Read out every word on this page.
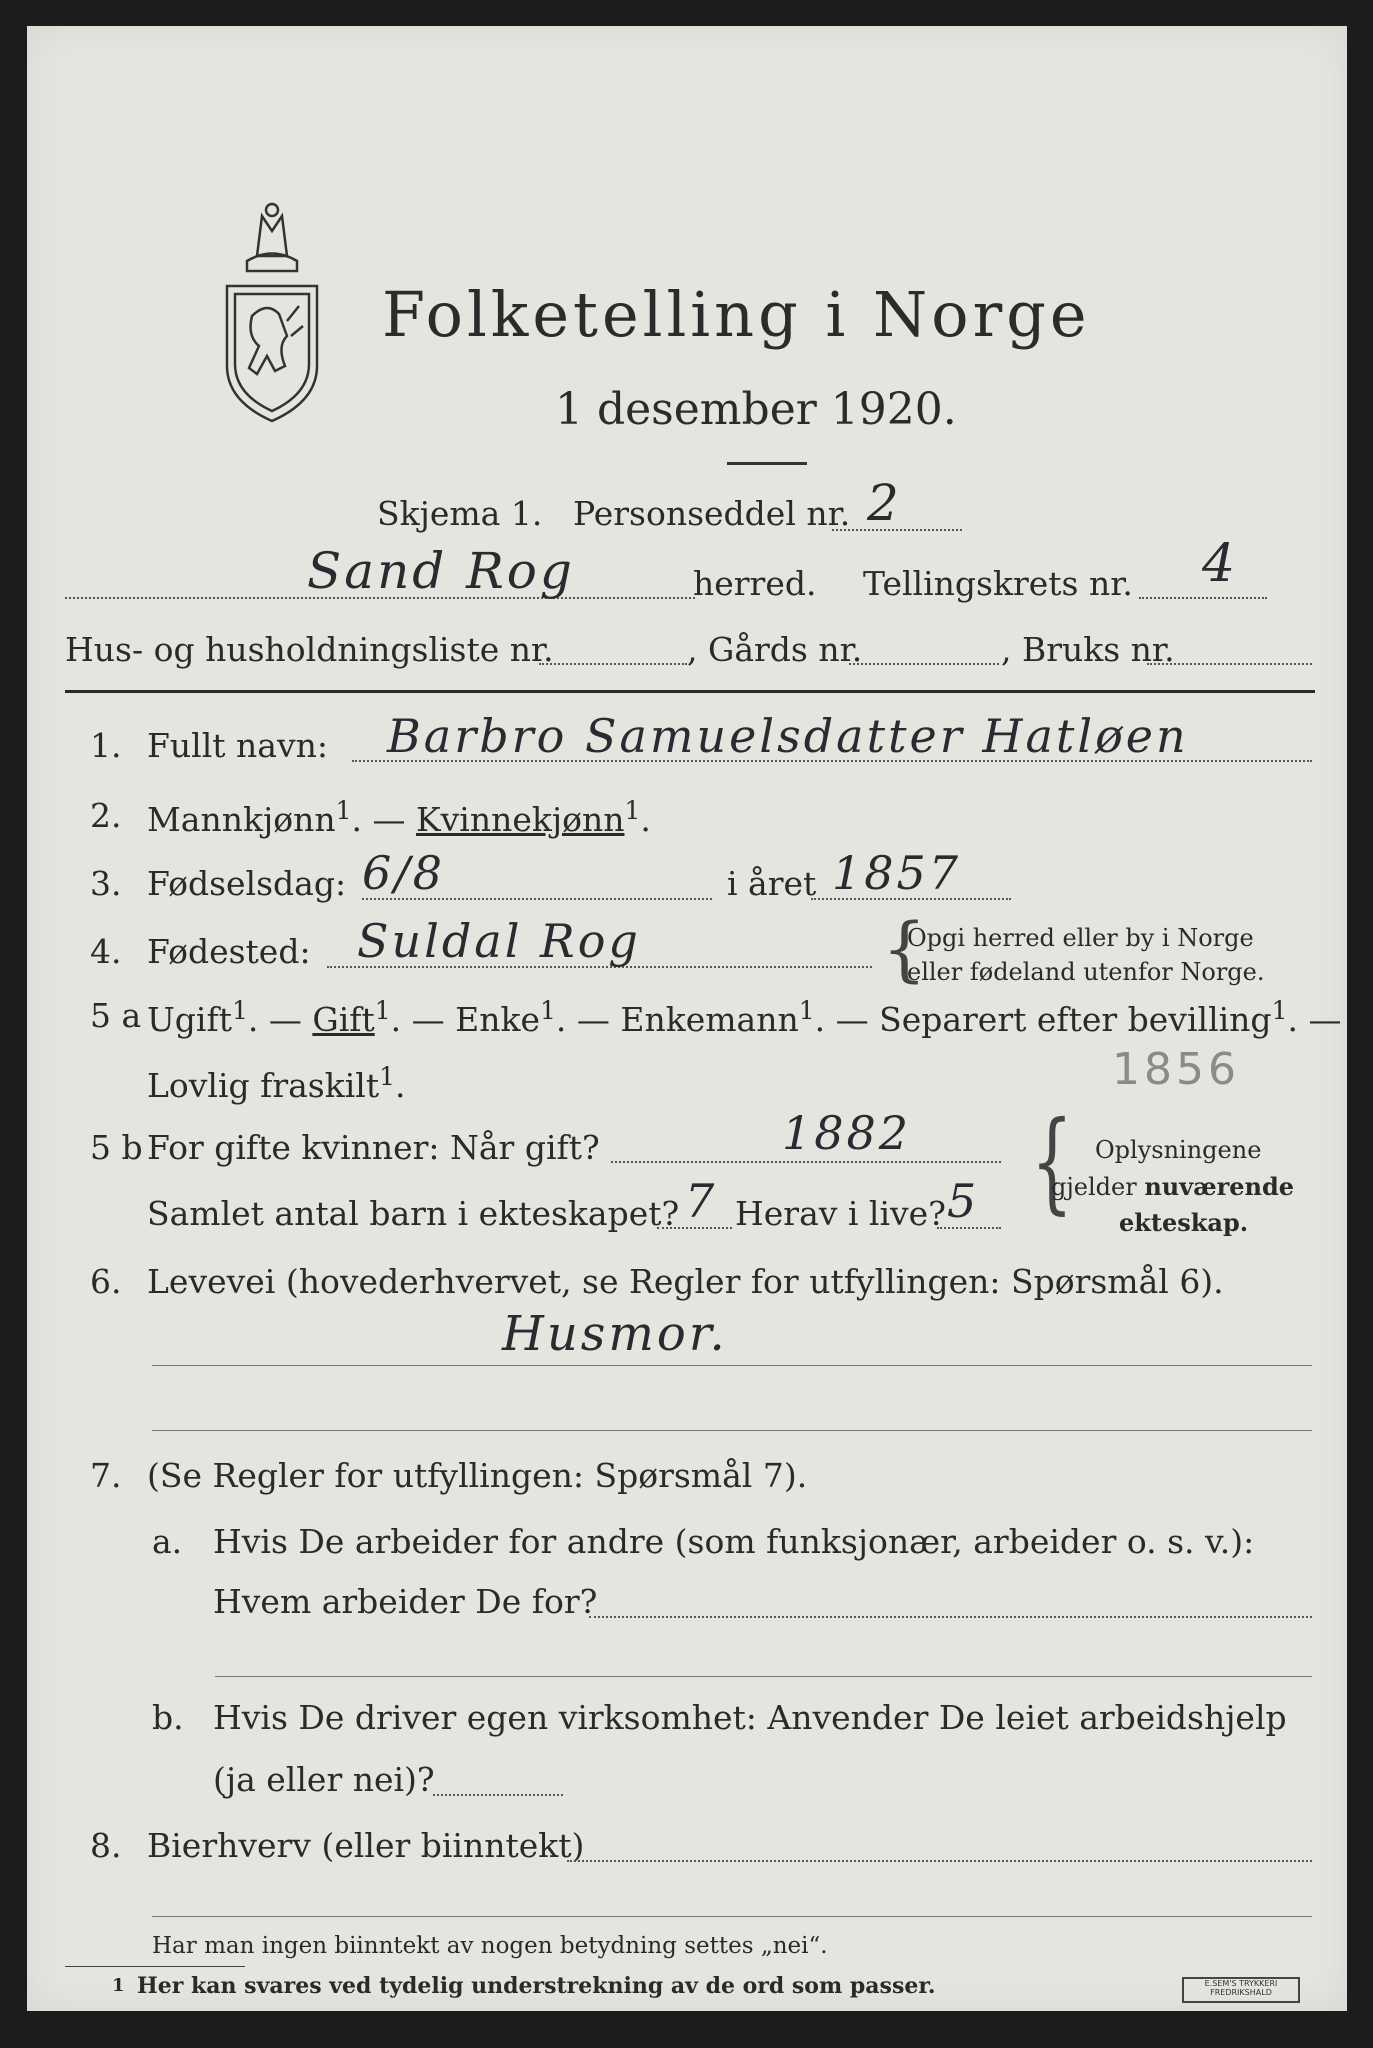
Folketelling i Norge
1 desember 1920.
Skjema 1. Personseddel nr. 2
Sand Rog	herred. Tellingskrets nr. 4
Hus- og husholdningsliste nr.	, Gårds nr.	, Bruks nr.
1. Fullt navn: Barbro Samuelsdatter Hatløen
2. Mannkjønn$^1$. — Kvinnekjønn$^1$.
3. Fødselsdag: 6/8	i året 1857
4. Fødested: Suldal Rog	{
Opgi herred eller by i Norge
eller fødeland utenfor Norge.
5 a Ugift$^1$. — Gift$^1$. — Enke$^1$. — Enkemann$^1$. — Separert efter bevilling$^1$. —
Lovlig fraskilt$^1$.	1856
5 b For gifte kvinner: Når gift?	1882
Samlet antal barn i ekteskapet? 7 Herav i live? 5 { Oplysningene
gjelder nuværende
ekteskap.
6. Levevei (hovederhvervet, se Regler for utfyllingen: Spørsmål 6).
Husmor.
7. (Se Regler for utfyllingen: Spørsmål 7).
a. Hvis De arbeider for andre (som funksjonær, arbeider o. s. v.):
Hvem arbeider De for?
b. Hvis De driver egen virksomhet: Anvender De leiet arbeidshjelp
(ja eller nei)?
8. Bierhverv (eller biinntekt)
Har man ingen biinntekt av nogen betydning settes „nei“.
1 Her kan svares ved tydelig understrekning av de ord som passer.	E.SEM'S TRYKKERI
FREDRIKSHALD
